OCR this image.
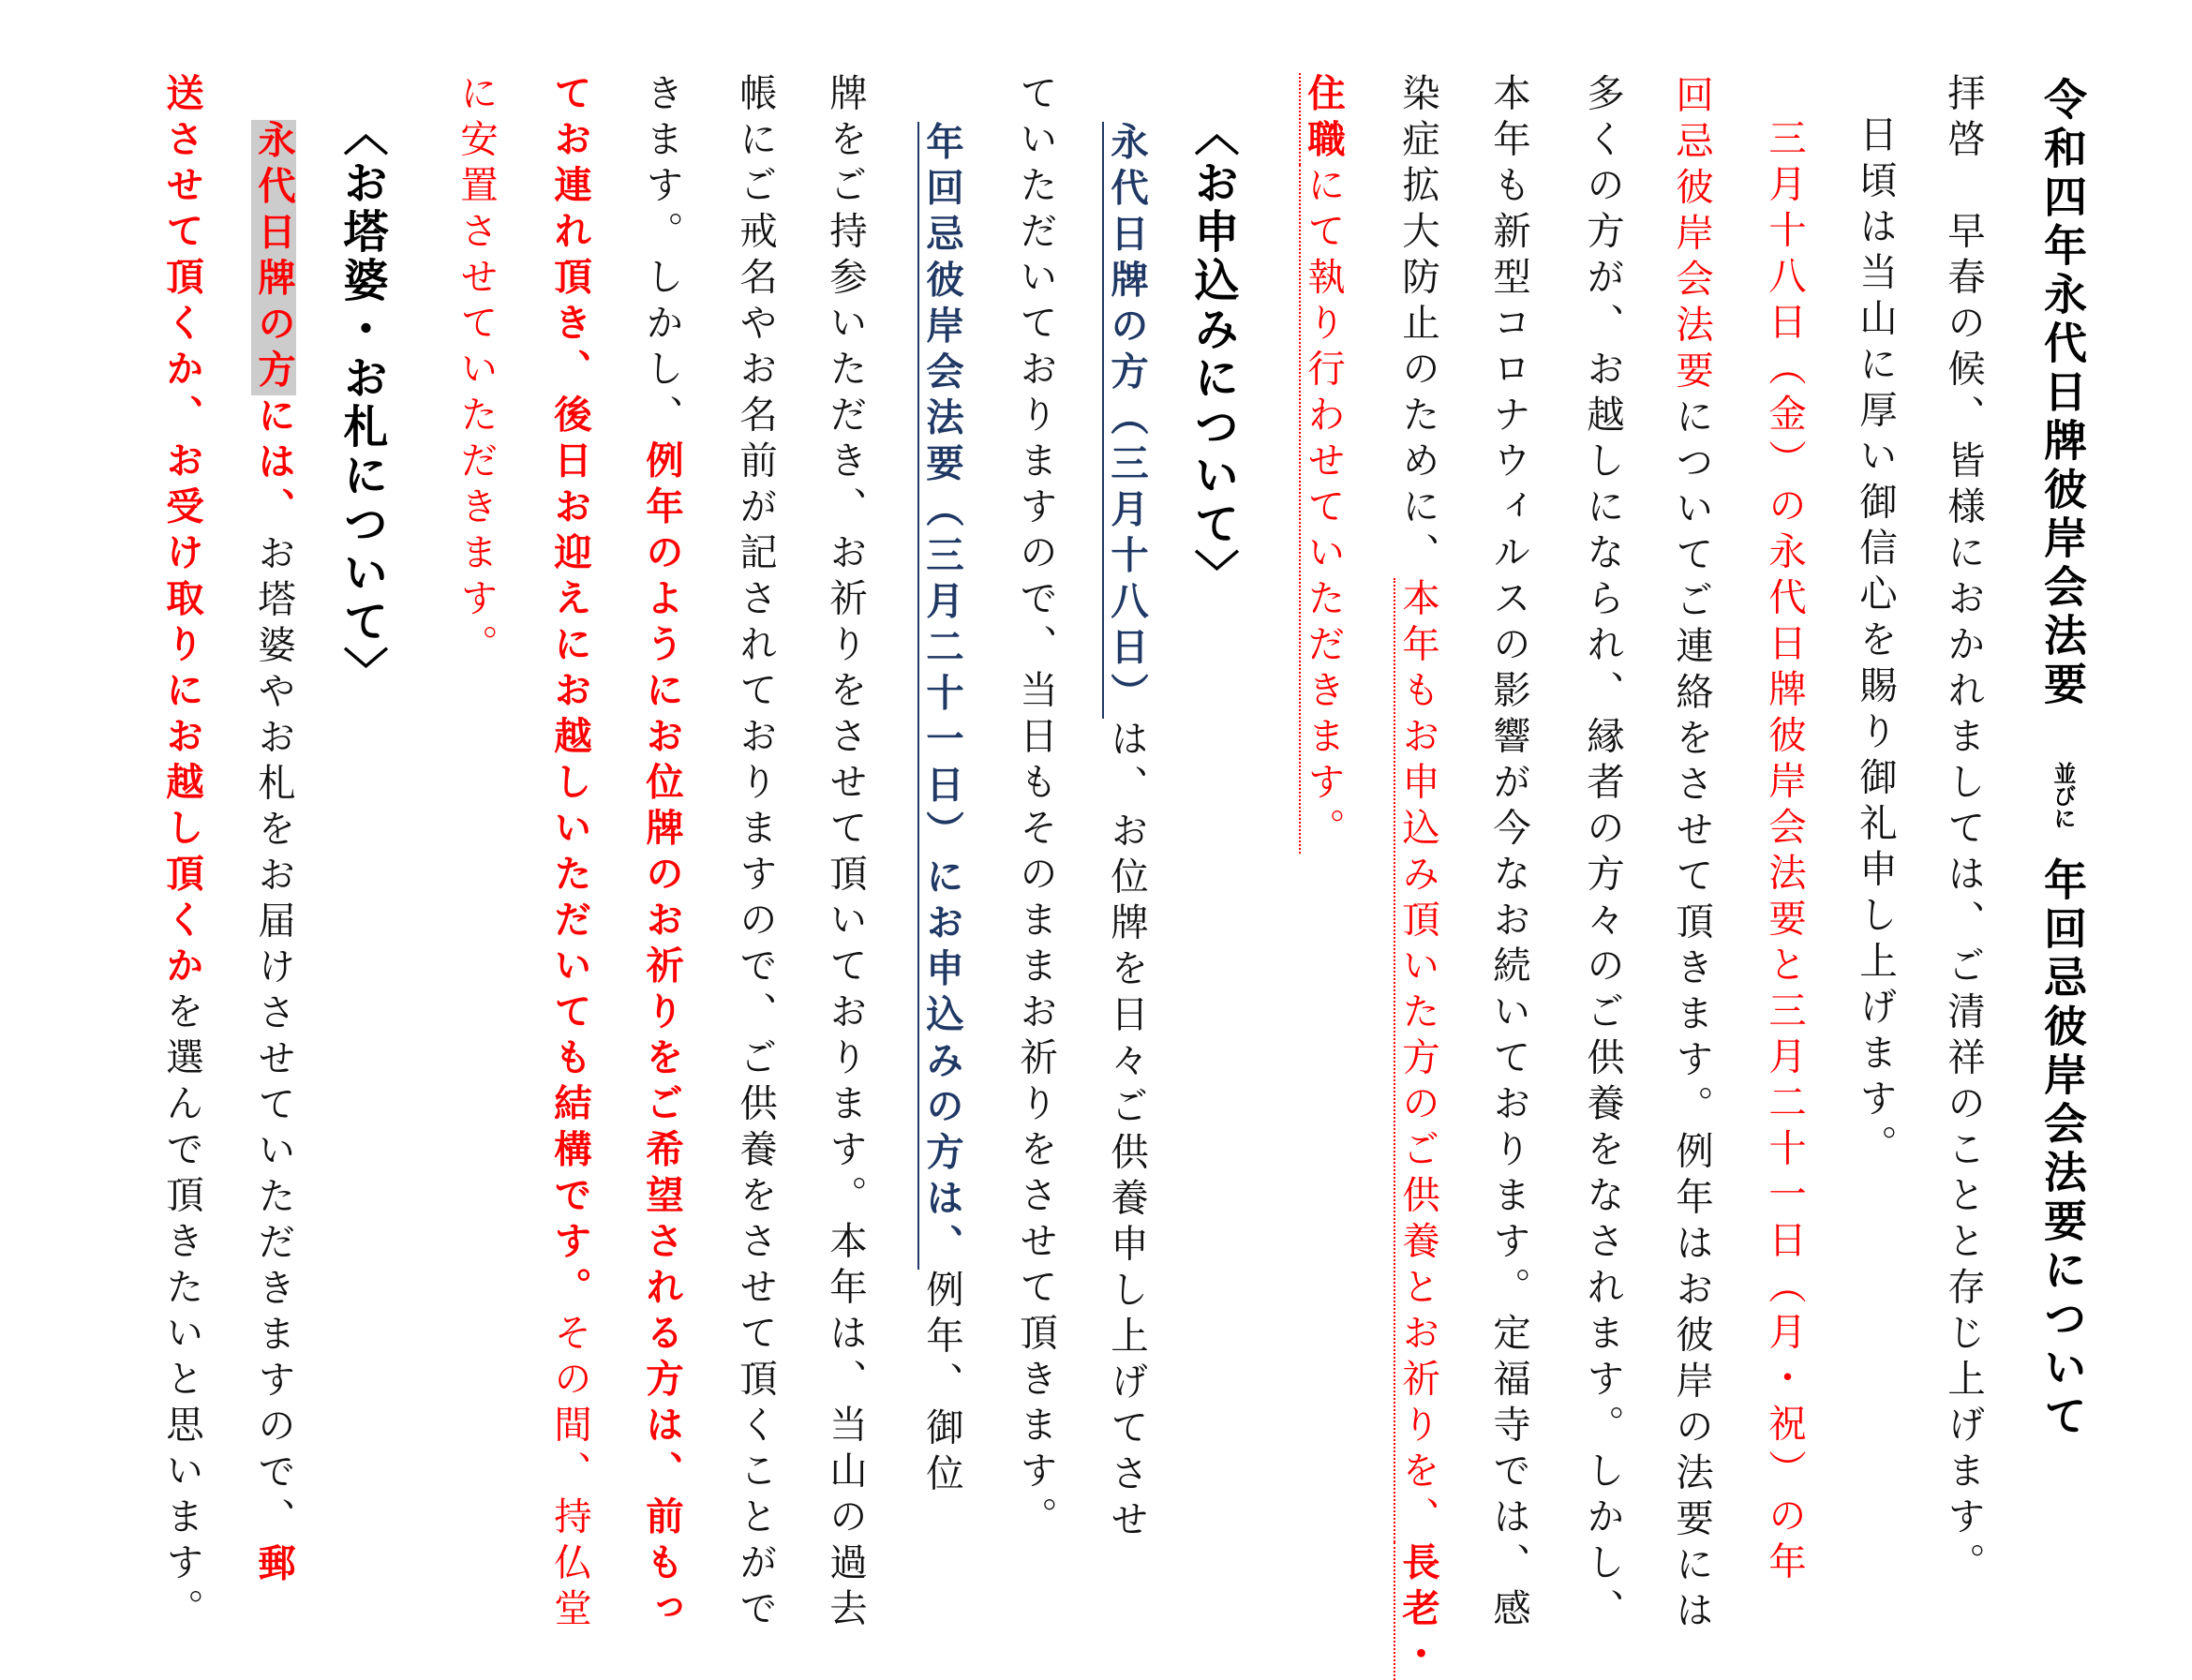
令和四年永代日牌彼岸会法要並びに年回忌彼岸会法要について
拝啓　早春の候、皆様におかれましては、ご清祥のことと存じ上げます。
日頃は当山に厚い御信心を賜り御礼申し上げます。
三月十八日（金）の永代日牌彼岸会法要と三月二十一日（月・祝）の年
回忌彼岸会法要についてご連絡をさせて頂きます。例年はお彼岸の法要には
多くの方が、お越しになられ、縁者の方々のご供養をなされます。しかし、
本年も新型コロナウィルスの影響が今なお続いております。定福寺では、感
染症拡大防止のために、本年もお申込み頂いた方のご供養とお祈りを、長老・
住職にて執り行わせていただきます。
〈お申込みについて〉
永代日牌の方（三月十八日）は、お位牌を日々ご供養申し上げてさせ
ていただいておりますので、当日もそのままお祈りをさせて頂きます。
年回忌彼岸会法要（三月二十一日）にお申込みの方は、例年、御位
牌をご持参いただき、お祈りをさせて頂いております。本年は、当山の過去
帳にご戒名やお名前が記されておりますので、ご供養をさせて頂くことがで
きます。しかし、例年のようにお位牌のお祈りをご希望される方は、前もっ
てお連れ頂き、後日お迎えにお越しいただいても結構です。その間、持仏堂
に安置させていただきます。
〈お塔婆・お札について〉
永代日牌の方には、お塔婆やお札をお届けさせていただきますので、郵
送させて頂くか、お受け取りにお越し頂くかを選んで頂きたいと思います。
